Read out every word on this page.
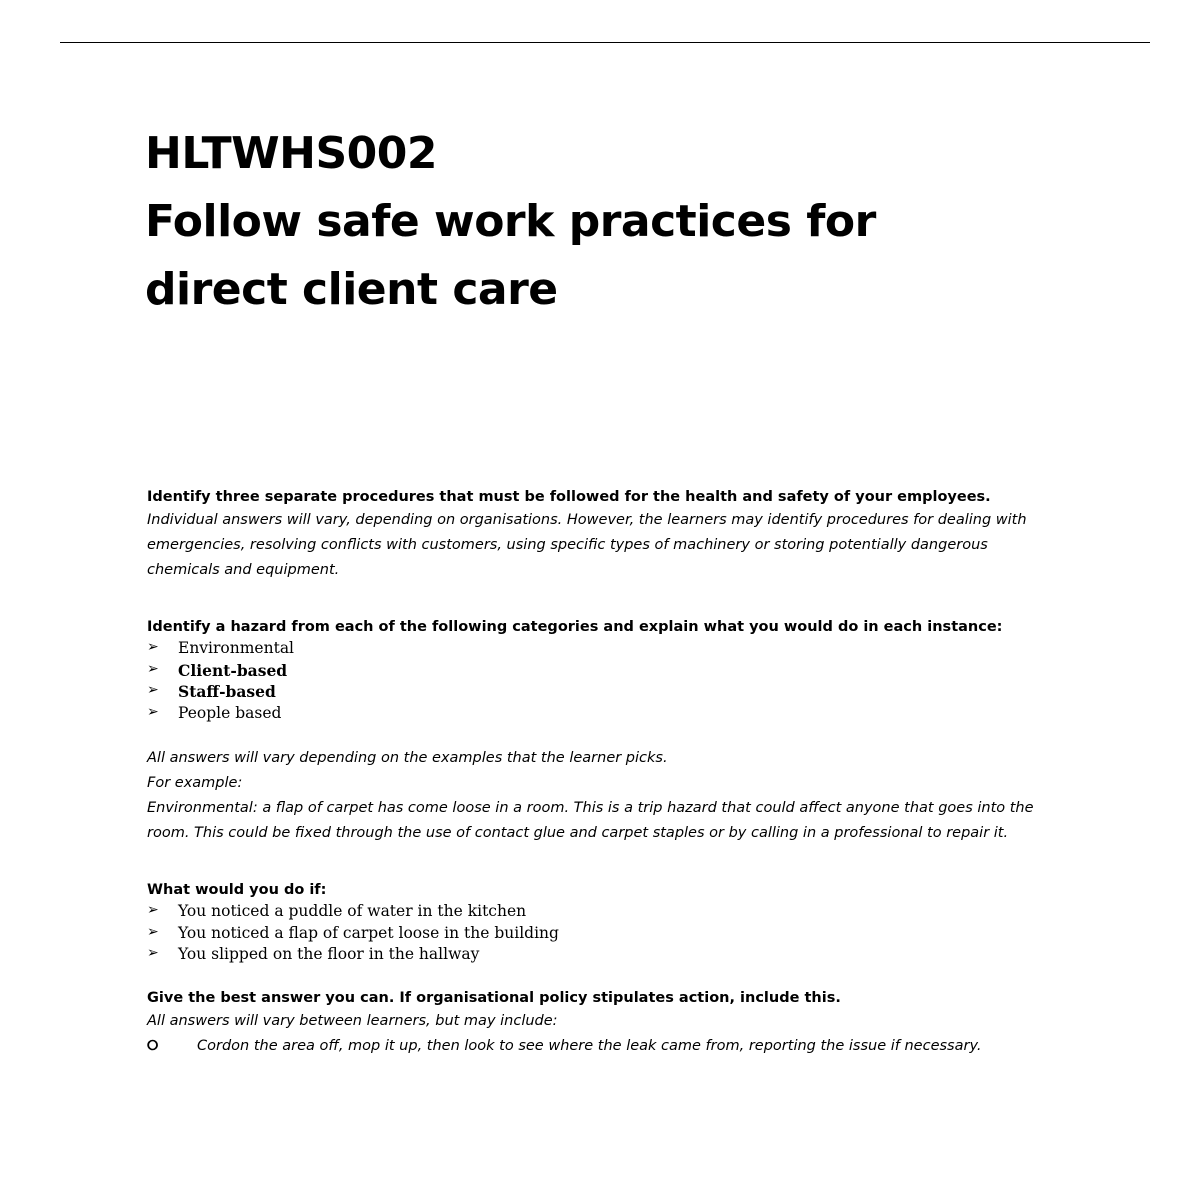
HLTWHS002
Follow safe work practices for
direct client care
Identify three separate procedures that must be followed for the health and safety of your employees.
Individual answers will vary, depending on organisations. However, the learners may identify procedures for dealing with emergencies, resolving conflicts with customers, using specific types of machinery or storing potentially dangerous chemicals and equipment.
Identify a hazard from each of the following categories and explain what you would do in each instance:
➢ Environmental
➢ Client-based
➢ Staff-based
➢ People based
All answers will vary depending on the examples that the learner picks.
For example:
Environmental: a flap of carpet has come loose in a room. This is a trip hazard that could affect anyone that goes into the room. This could be fixed through the use of contact glue and carpet staples or by calling in a professional to repair it.
What would you do if:
➢ You noticed a puddle of water in the kitchen
➢ You noticed a flap of carpet loose in the building
➢ You slipped on the floor in the hallway
Give the best answer you can. If organisational policy stipulates action, include this.
All answers will vary between learners, but may include:
⭘	Cordon the area off, mop it up, then look to see where the leak came from, reporting the issue if necessary.
